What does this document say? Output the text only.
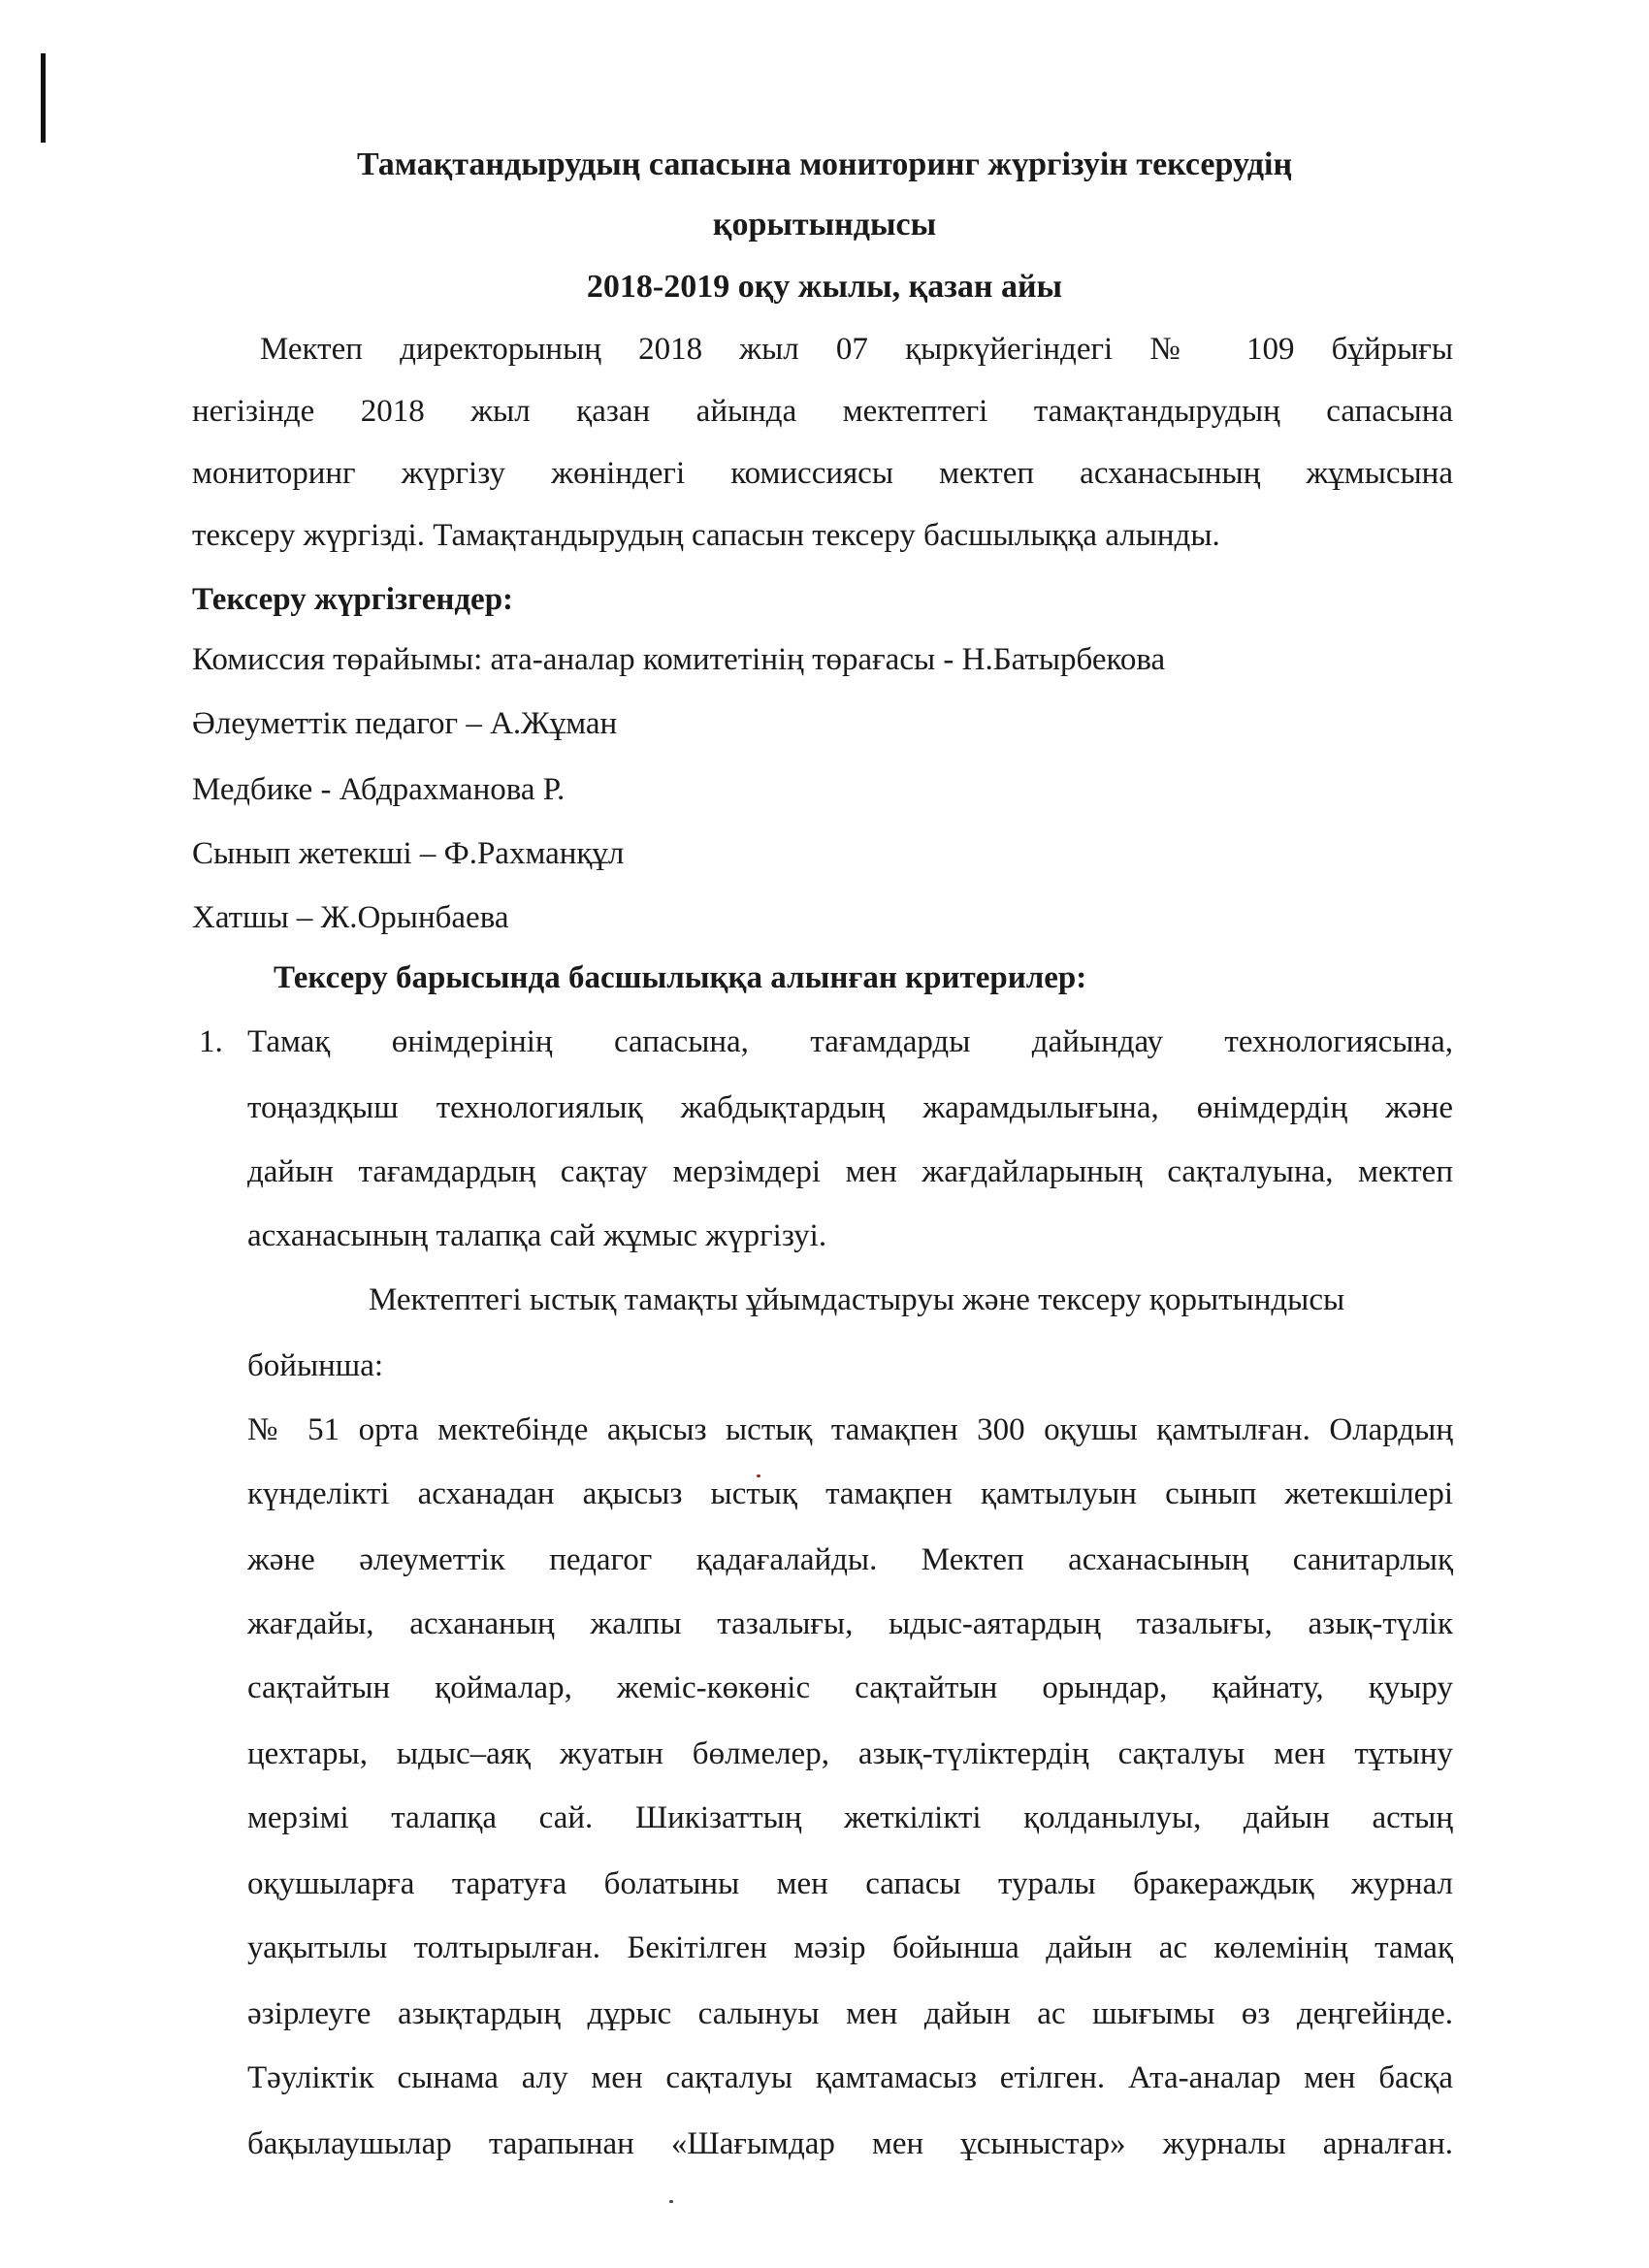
Тамақтандырудың сапасына мониторинг жүргізуін тексерудің
қорытындысы
2018-2019 оқу жылы, қазан айы
Мектеп директорының 2018 жыл 07 қыркүйегіндегі № 109 бұйрығы
негізінде 2018 жыл қазан айында мектептегі тамақтандырудың сапасына
мониторинг жүргізу жөніндегі комиссиясы мектеп асханасының жұмысына
тексеру жүргізді. Тамақтандырудың сапасын тексеру басшылыққа алынды.
Тексеру жүргізгендер:
Комиссия төрайымы: ата-аналар комитетінің төрағасы - Н.Батырбекова
Әлеуметтік педагог – А.Жұман
Медбике - Абдрахманова Р.
Сынып жетекші – Ф.Рахманқұл
Хатшы – Ж.Орынбаева
Тексеру барысында басшылыққа алынған критерилер:
1. Тамақ өнімдерінің сапасына, тағамдарды дайындау технологиясына,
тоңаздқыш технологиялық жабдықтардың жарамдылығына, өнімдердің және
дайын тағамдардың сақтау мерзімдері мен жағдайларының сақталуына, мектеп
асханасының талапқа сай жұмыс жүргізуі.
Мектептегі ыстық тамақты ұйымдастыруы және тексеру қорытындысы
бойынша:
№ 51 орта мектебінде ақысыз ыстық тамақпен 300 оқушы қамтылған. Олардың
күнделікті асханадан ақысыз ыстық тамақпен қамтылуын сынып жетекшілері
және әлеуметтік педагог қадағалайды. Мектеп асханасының санитарлық
жағдайы, асхананың жалпы тазалығы, ыдыс-аятардың тазалығы, азық-түлік
сақтайтын қоймалар, жеміс-көкөніс сақтайтын орындар, қайнату, қуыру
цехтары, ыдыс–аяқ жуатын бөлмелер, азық-түліктердің сақталуы мен тұтыну
мерзімі талапқа сай. Шикізаттың жеткілікті қолданылуы, дайын астың
оқушыларға таратуға болатыны мен сапасы туралы бракераждық журнал
уақытылы толтырылған. Бекітілген мәзір бойынша дайын ас көлемінің тамақ
әзірлеуге азықтардың дұрыс салынуы мен дайын ас шығымы өз деңгейінде.
Тәуліктік сынама алу мен сақталуы қамтамасыз етілген. Ата-аналар мен басқа
бақылаушылар тарапынан «Шағымдар мен ұсыныстар» журналы арналған.
